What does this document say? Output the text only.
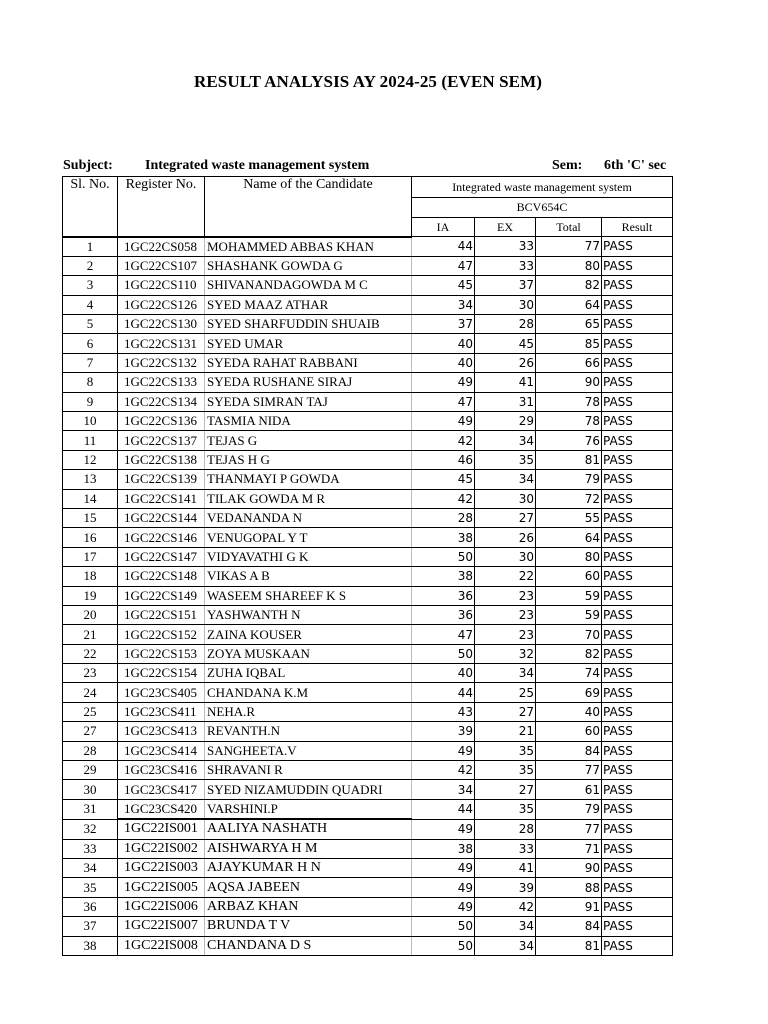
RESULT ANALYSIS AY 2024-25 (EVEN SEM)
Subject: Integrated waste management system	Sem: 6th 'C' sec
Sl. No.	Register No.	Name of the Candidate	Integrated waste management system			
			BCV654C			
			IA	EX	Total	Result
1	1GC22CS058	MOHAMMED ABBAS KHAN	44	33	77	PASS
2	1GC22CS107	SHASHANK GOWDA G	47	33	80	PASS
3	1GC22CS110	SHIVANANDAGOWDA M C	45	37	82	PASS
4	1GC22CS126	SYED MAAZ ATHAR	34	30	64	PASS
5	1GC22CS130	SYED SHARFUDDIN SHUAIB	37	28	65	PASS
6	1GC22CS131	SYED UMAR	40	45	85	PASS
7	1GC22CS132	SYEDA RAHAT RABBANI	40	26	66	PASS
8	1GC22CS133	SYEDA RUSHANE SIRAJ	49	41	90	PASS
9	1GC22CS134	SYEDA SIMRAN TAJ	47	31	78	PASS
10	1GC22CS136	TASMIA NIDA	49	29	78	PASS
11	1GC22CS137	TEJAS G	42	34	76	PASS
12	1GC22CS138	TEJAS H G	46	35	81	PASS
13	1GC22CS139	THANMAYI P GOWDA	45	34	79	PASS
14	1GC22CS141	TILAK GOWDA M R	42	30	72	PASS
15	1GC22CS144	VEDANANDA N	28	27	55	PASS
16	1GC22CS146	VENUGOPAL Y T	38	26	64	PASS
17	1GC22CS147	VIDYAVATHI G K	50	30	80	PASS
18	1GC22CS148	VIKAS A B	38	22	60	PASS
19	1GC22CS149	WASEEM SHAREEF K S	36	23	59	PASS
20	1GC22CS151	YASHWANTH N	36	23	59	PASS
21	1GC22CS152	ZAINA KOUSER	47	23	70	PASS
22	1GC22CS153	ZOYA MUSKAAN	50	32	82	PASS
23	1GC22CS154	ZUHA IQBAL	40	34	74	PASS
24	1GC23CS405	CHANDANA K.M	44	25	69	PASS
25	1GC23CS411	NEHA.R	43	27	40	PASS
27	1GC23CS413	REVANTH.N	39	21	60	PASS
28	1GC23CS414	SANGHEETA.V	49	35	84	PASS
29	1GC23CS416	SHRAVANI R	42	35	77	PASS
30	1GC23CS417	SYED NIZAMUDDIN QUADRI	34	27	61	PASS
31	1GC23CS420	VARSHINI.P	44	35	79	PASS
32	1GC22IS001	AALIYA NASHATH	49	28	77	PASS
33	1GC22IS002	AISHWARYA H M	38	33	71	PASS
34	1GC22IS003	AJAYKUMAR H N	49	41	90	PASS
35	1GC22IS005	AQSA JABEEN	49	39	88	PASS
36	1GC22IS006	ARBAZ KHAN	49	42	91	PASS
37	1GC22IS007	BRUNDA T V	50	34	84	PASS
38	1GC22IS008	CHANDANA D S	50	34	81	PASS
